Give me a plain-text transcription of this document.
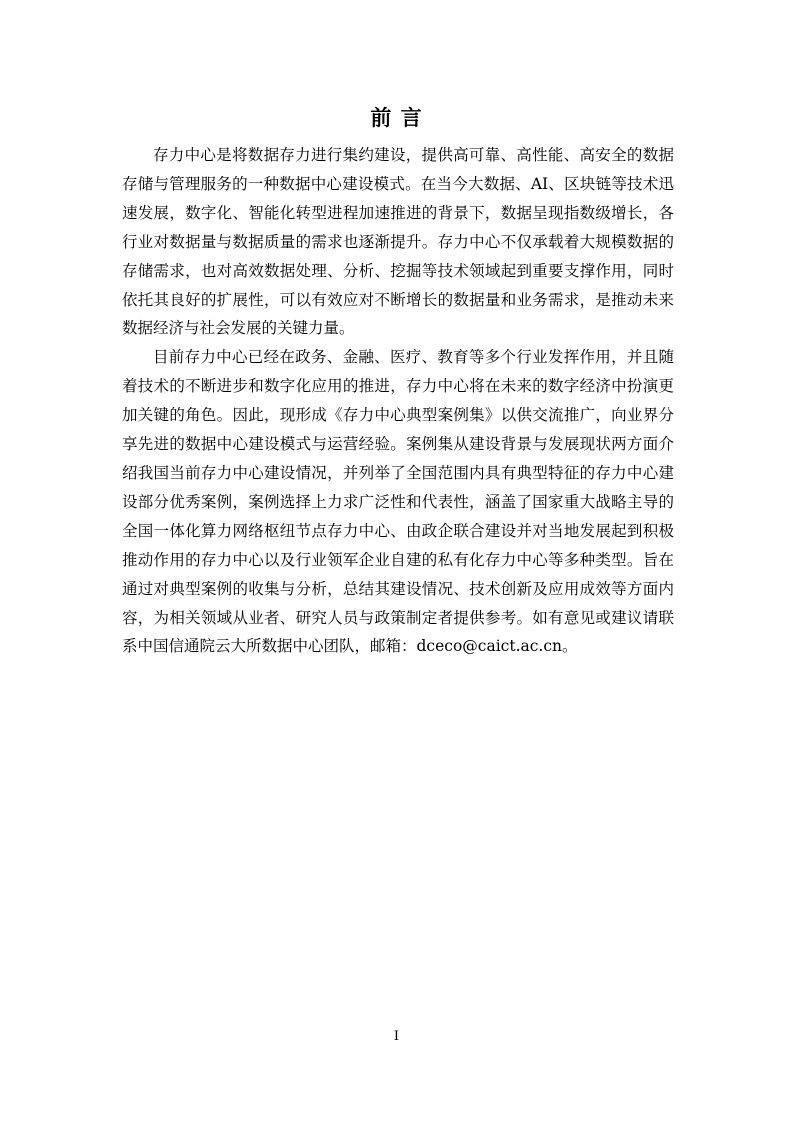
前 言

存力中心是将数据存力进行集约建设，提供高可靠、高性能、高安全的数据存储与管理服务的一种数据中心建设模式。在当今大数据、AI、区块链等技术迅速发展，数字化、智能化转型进程加速推进的背景下，数据呈现指数级增长，各行业对数据量与数据质量的需求也逐渐提升。存力中心不仅承载着大规模数据的存储需求，也对高效数据处理、分析、挖掘等技术领域起到重要支撑作用，同时依托其良好的扩展性，可以有效应对不断增长的数据量和业务需求，是推动未来数据经济与社会发展的关键力量。

目前存力中心已经在政务、金融、医疗、教育等多个行业发挥作用，并且随着技术的不断进步和数字化应用的推进，存力中心将在未来的数字经济中扮演更加关键的角色。因此，现形成《存力中心典型案例集》以供交流推广，向业界分享先进的数据中心建设模式与运营经验。案例集从建设背景与发展现状两方面介绍我国当前存力中心建设情况，并列举了全国范围内具有典型特征的存力中心建设部分优秀案例，案例选择上力求广泛性和代表性，涵盖了国家重大战略主导的全国一体化算力网络枢纽节点存力中心、由政企联合建设并对当地发展起到积极推动作用的存力中心以及行业领军企业自建的私有化存力中心等多种类型。旨在通过对典型案例的收集与分析，总结其建设情况、技术创新及应用成效等方面内容，为相关领域从业者、研究人员与政策制定者提供参考。如有意见或建议请联系中国信通院云大所数据中心团队，邮箱：dceco@caict.ac.cn。

I
